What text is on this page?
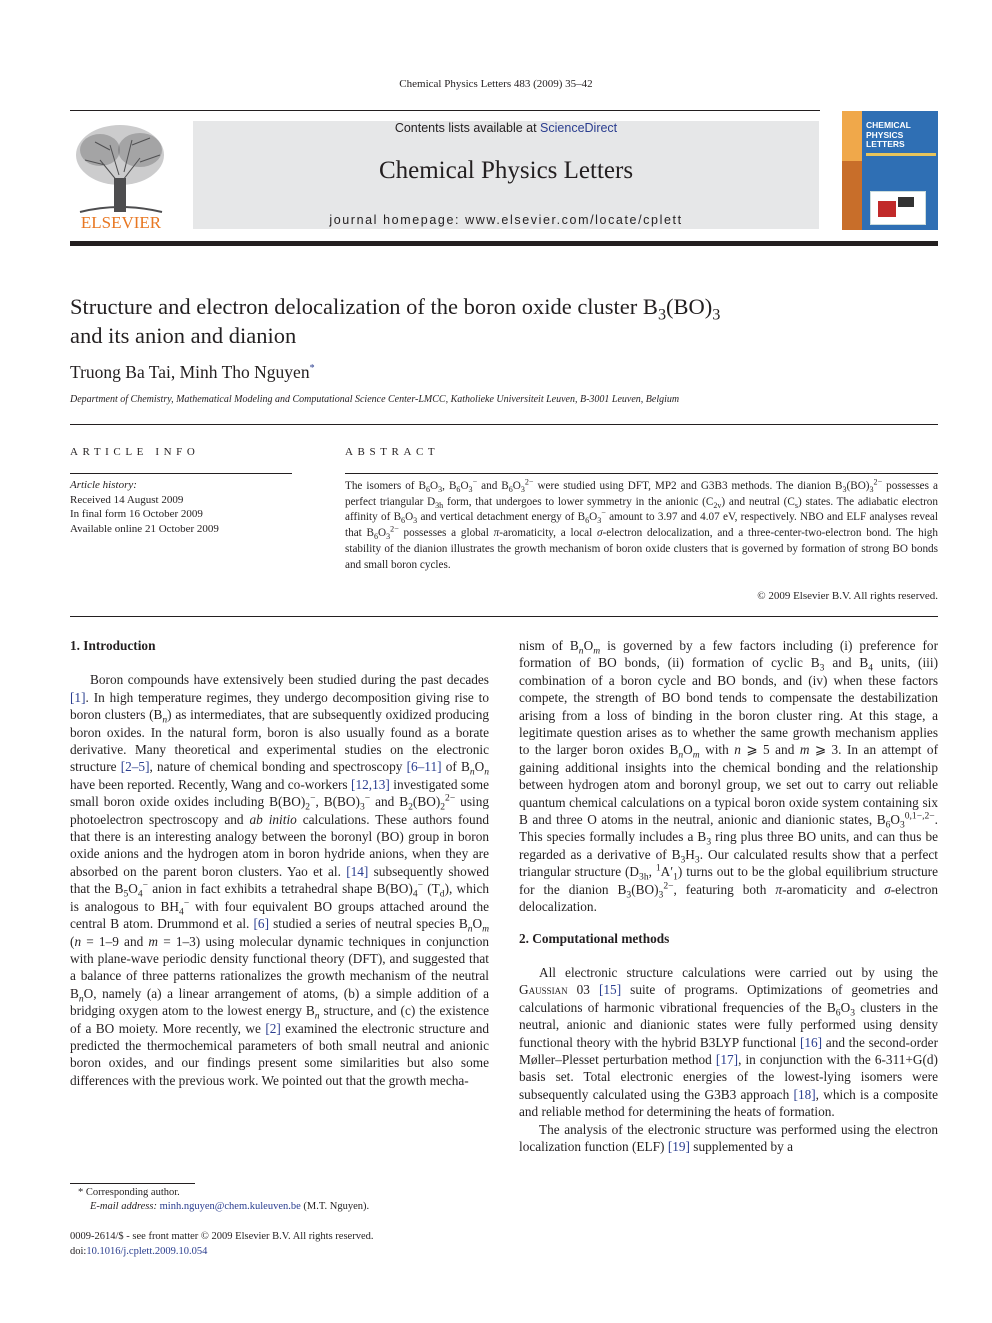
Chemical Physics Letters 483 (2009) 35–42
ELSEVIER
Contents lists available at ScienceDirect
Chemical Physics Letters
journal homepage: www.elsevier.com/locate/cplett
CHEMICAL
PHYSICS
LETTERS
Structure and electron delocalization of the boron oxide cluster $B_3(BO)_3$
and its anion and dianion
Truong Ba Tai, Minh Tho Nguyen*
Department of Chemistry, Mathematical Modeling and Computational Science Center-LMCC, Katholieke Universiteit Leuven, B-3001 Leuven, Belgium
ARTICLE INFO
Article history:
Received 14 August 2009
In final form 16 October 2009
Available online 21 October 2009
ABSTRACT
The isomers of $B_6O_3$, $B_6O_3^-$ and $B_6O_3^{2-}$ were studied using DFT, MP2 and G3B3 methods. The dianion $B_3(BO)_3^{2-}$ possesses a perfect triangular $D_{3h}$ form, that undergoes to lower symmetry in the anionic $(C_{2v})$ and neutral $(C_s)$ states. The adiabatic electron affinity of $B_6O_3$ and vertical detachment energy of $B_6O_3^-$ amount to 3.97 and 4.07 eV, respectively. NBO and ELF analyses reveal that $B_6O_3^{2-}$ possesses a global π-aromaticity, a local σ-electron delocalization, and a three-center-two-electron bond. The high stability of the dianion illustrates the growth mechanism of boron oxide clusters that is governed by formation of strong BO bonds and small boron cycles.
© 2009 Elsevier B.V. All rights reserved.
1. Introduction

Boron compounds have extensively been studied during the past decades [1]. In high temperature regimes, they undergo decomposition giving rise to boron clusters $(B_n)$ as intermediates, that are subsequently oxidized producing boron oxides. In the natural form, boron is also usually found as a borate derivative. Many theoretical and experimental studies on the electronic structure [2–5], nature of chemical bonding and spectroscopy [6–11] of $B_nO_n$ have been reported. Recently, Wang and co-workers [12,13] investigated some small boron oxide oxides including $B(BO)_2^-$, $B(BO)_3^-$ and $B_2(BO)_2^{2-}$ using photoelectron spectroscopy and ab initio calculations. These authors found that there is an interesting analogy between the boronyl (BO) group in boron oxide anions and the hydrogen atom in boron hydride anions, when they are absorbed on the parent boron clusters. Yao et al. [14] subsequently showed that the $B_5O_4^-$ anion in fact exhibits a tetrahedral shape $B(BO)_4^-$ $(T_d)$, which is analogous to $BH_4^-$ with four equivalent BO groups attached around the central B atom. Drummond et al. [6] studied a series of neutral species $B_nO_m$ (n = 1–9 and m = 1–3) using molecular dynamic techniques in conjunction with plane-wave periodic density functional theory (DFT), and suggested that a balance of three patterns rationalizes the growth mechanism of the neutral $B_nO$, namely (a) a linear arrangement of atoms, (b) a simple addition of a bridging oxygen atom to the lowest energy $B_n$ structure, and (c) the existence of a BO moiety. More recently, we [2] examined the electronic structure and predicted the thermochemical parameters of both small neutral and anionic boron oxides, and our findings present some similarities but also some differences with the previous work. We pointed out that the growth mecha-

nism of $B_nO_m$ is governed by a few factors including (i) preference for formation of BO bonds, (ii) formation of cyclic $B_3$ and $B_4$ units, (iii) combination of a boron cycle and BO bonds, and (iv) when these factors compete, the strength of BO bond tends to compensate the destabilization arising from a loss of binding in the boron cluster ring. At this stage, a legitimate question arises as to whether the same growth mechanism applies to the larger boron oxides $B_nO_m$ with n ⩾ 5 and m ⩾ 3. In an attempt of gaining additional insights into the chemical bonding and the relationship between hydrogen atom and boronyl group, we set out to carry out reliable quantum chemical calculations on a typical boron oxide system containing six B and three O atoms in the neutral, anionic and dianionic states, $B_6O_3^{0,1-,2-}$. This species formally includes a $B_3$ ring plus three BO units, and can thus be regarded as a derivative of $B_3H_3$. Our calculated results show that a perfect triangular structure ($D_{3h}$, $^1A'_1$) turns out to be the global equilibrium structure for the dianion $B_3(BO)_3^{2-}$, featuring both π-aromaticity and σ-electron delocalization.

2. Computational methods

All electronic structure calculations were carried out by using the Gaussian 03 [15] suite of programs. Optimizations of geometries and calculations of harmonic vibrational frequencies of the $B_6O_3$ clusters in the neutral, anionic and dianionic states were fully performed using density functional theory with the hybrid B3LYP functional [16] and the second-order Møller–Plesset perturbation method [17], in conjunction with the 6-311+G(d) basis set. Total electronic energies of the lowest-lying isomers were subsequently calculated using the G3B3 approach [18], which is a composite and reliable method for determining the heats of formation.

The analysis of the electronic structure was performed using the electron localization function (ELF) [19] supplemented by a

* Corresponding author.
E-mail address: minh.nguyen@chem.kuleuven.be (M.T. Nguyen).
0009-2614/$ - see front matter © 2009 Elsevier B.V. All rights reserved.
doi:10.1016/j.cplett.2009.10.054
